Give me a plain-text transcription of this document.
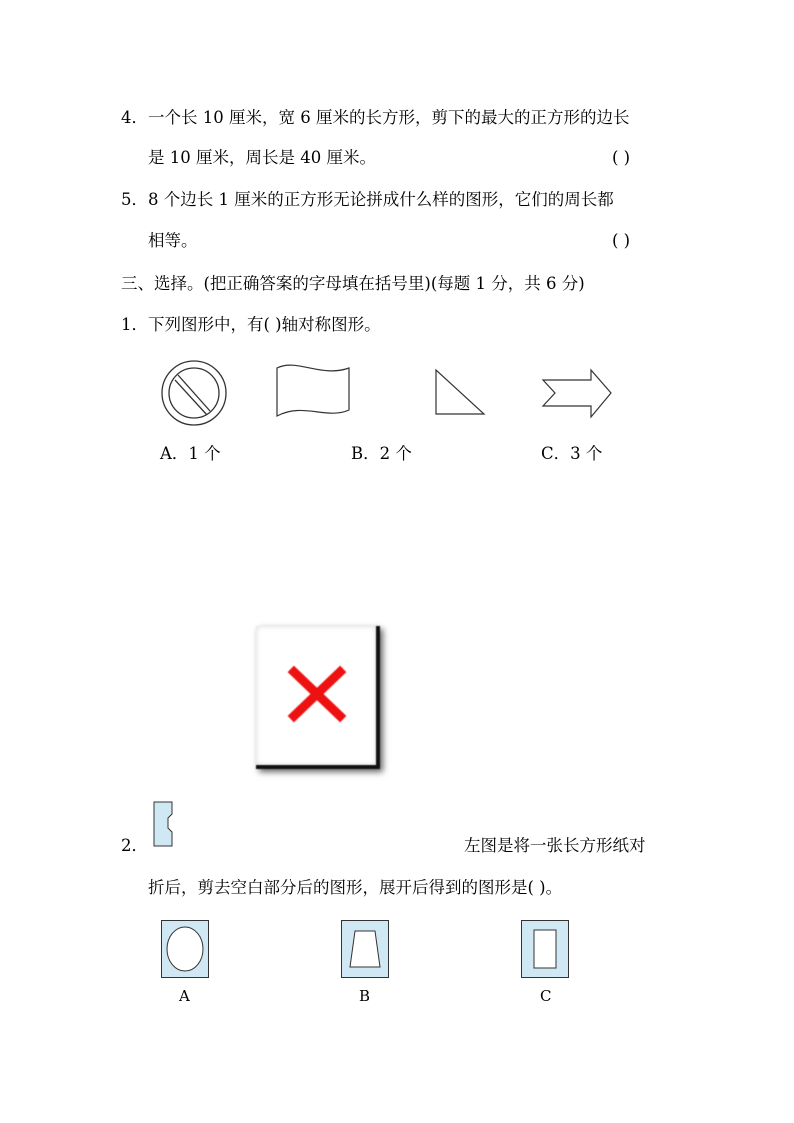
4．一个长 10 厘米，宽 6 厘米的长方形，剪下的最大的正方形的边长
是 10 厘米，周长是 40 厘米。	( )
5．8 个边长 1 厘米的正方形无论拼成什么样的图形，它们的周长都
相等。	( )
三、选择。(把正确答案的字母填在括号里)(每题 1 分，共 6 分)
1．下列图形中，有( )轴对称图形。
A．1 个	B．2 个	C．3 个
2．	左图是将一张长方形纸对
折后，剪去空白部分后的图形，展开后得到的图形是( )。
A	B	C
